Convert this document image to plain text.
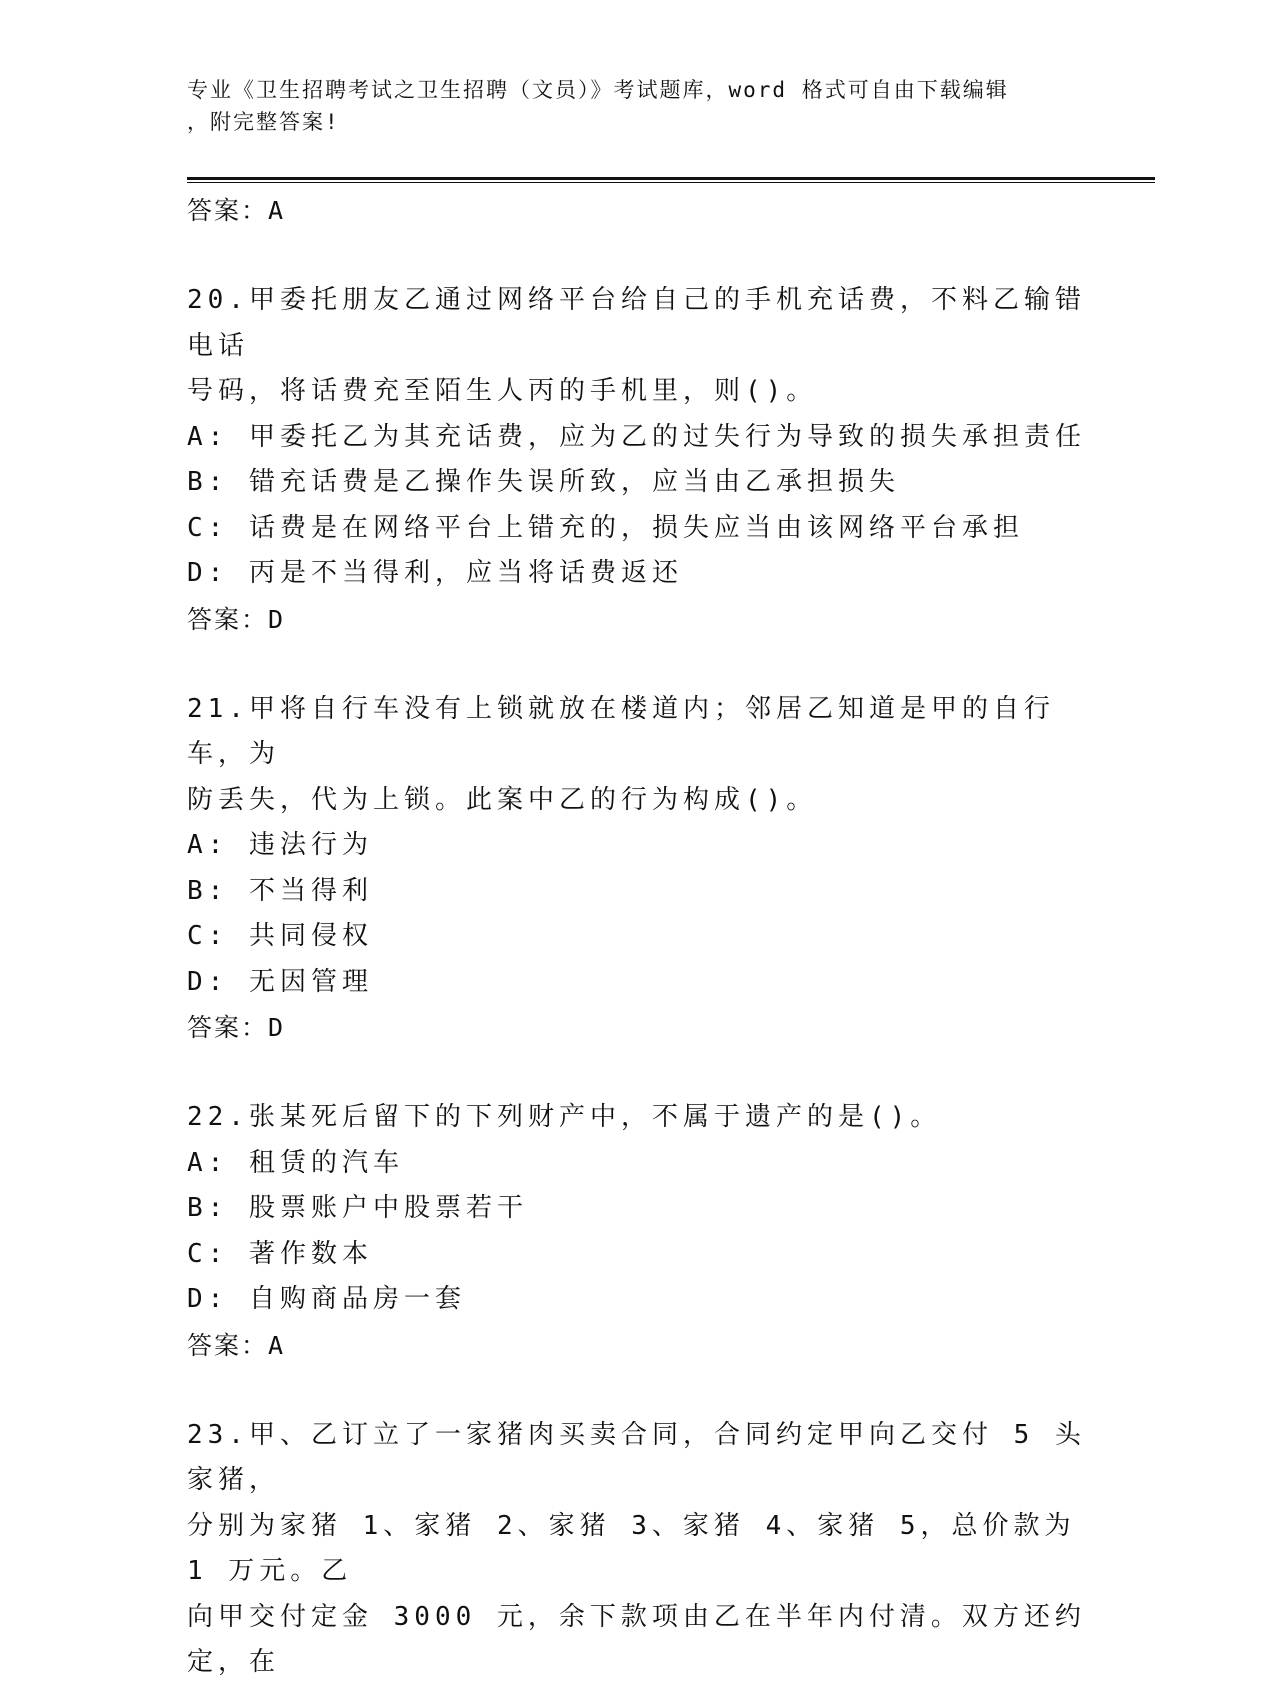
专业《卫生招聘考试之卫生招聘（文员）》考试题库，word 格式可自由下载编辑
，附完整答案!

答案：A

20.甲委托朋友乙通过网络平台给自己的手机充话费，不料乙输错电话

号码，将话费充至陌生人丙的手机里，则()。

A: 甲委托乙为其充话费，应为乙的过失行为导致的损失承担责任

B: 错充话费是乙操作失误所致，应当由乙承担损失

C: 话费是在网络平台上错充的，损失应当由该网络平台承担

D: 丙是不当得利，应当将话费返还

答案：D

21.甲将自行车没有上锁就放在楼道内；邻居乙知道是甲的自行车，为

防丢失，代为上锁。此案中乙的行为构成()。

A: 违法行为

B: 不当得利

C: 共同侵权

D: 无因管理

答案：D

22.张某死后留下的下列财产中，不属于遗产的是()。

A: 租赁的汽车

B: 股票账户中股票若干

C: 著作数本

D: 自购商品房一套

答案：A

23.甲、乙订立了一家猪肉买卖合同，合同约定甲向乙交付 5 头家猪，

分别为家猪 1、家猪 2、家猪 3、家猪 4、家猪 5，总价款为 1 万元。乙

向甲交付定金 3000 元，余下款项由乙在半年内付清。双方还约定，在
